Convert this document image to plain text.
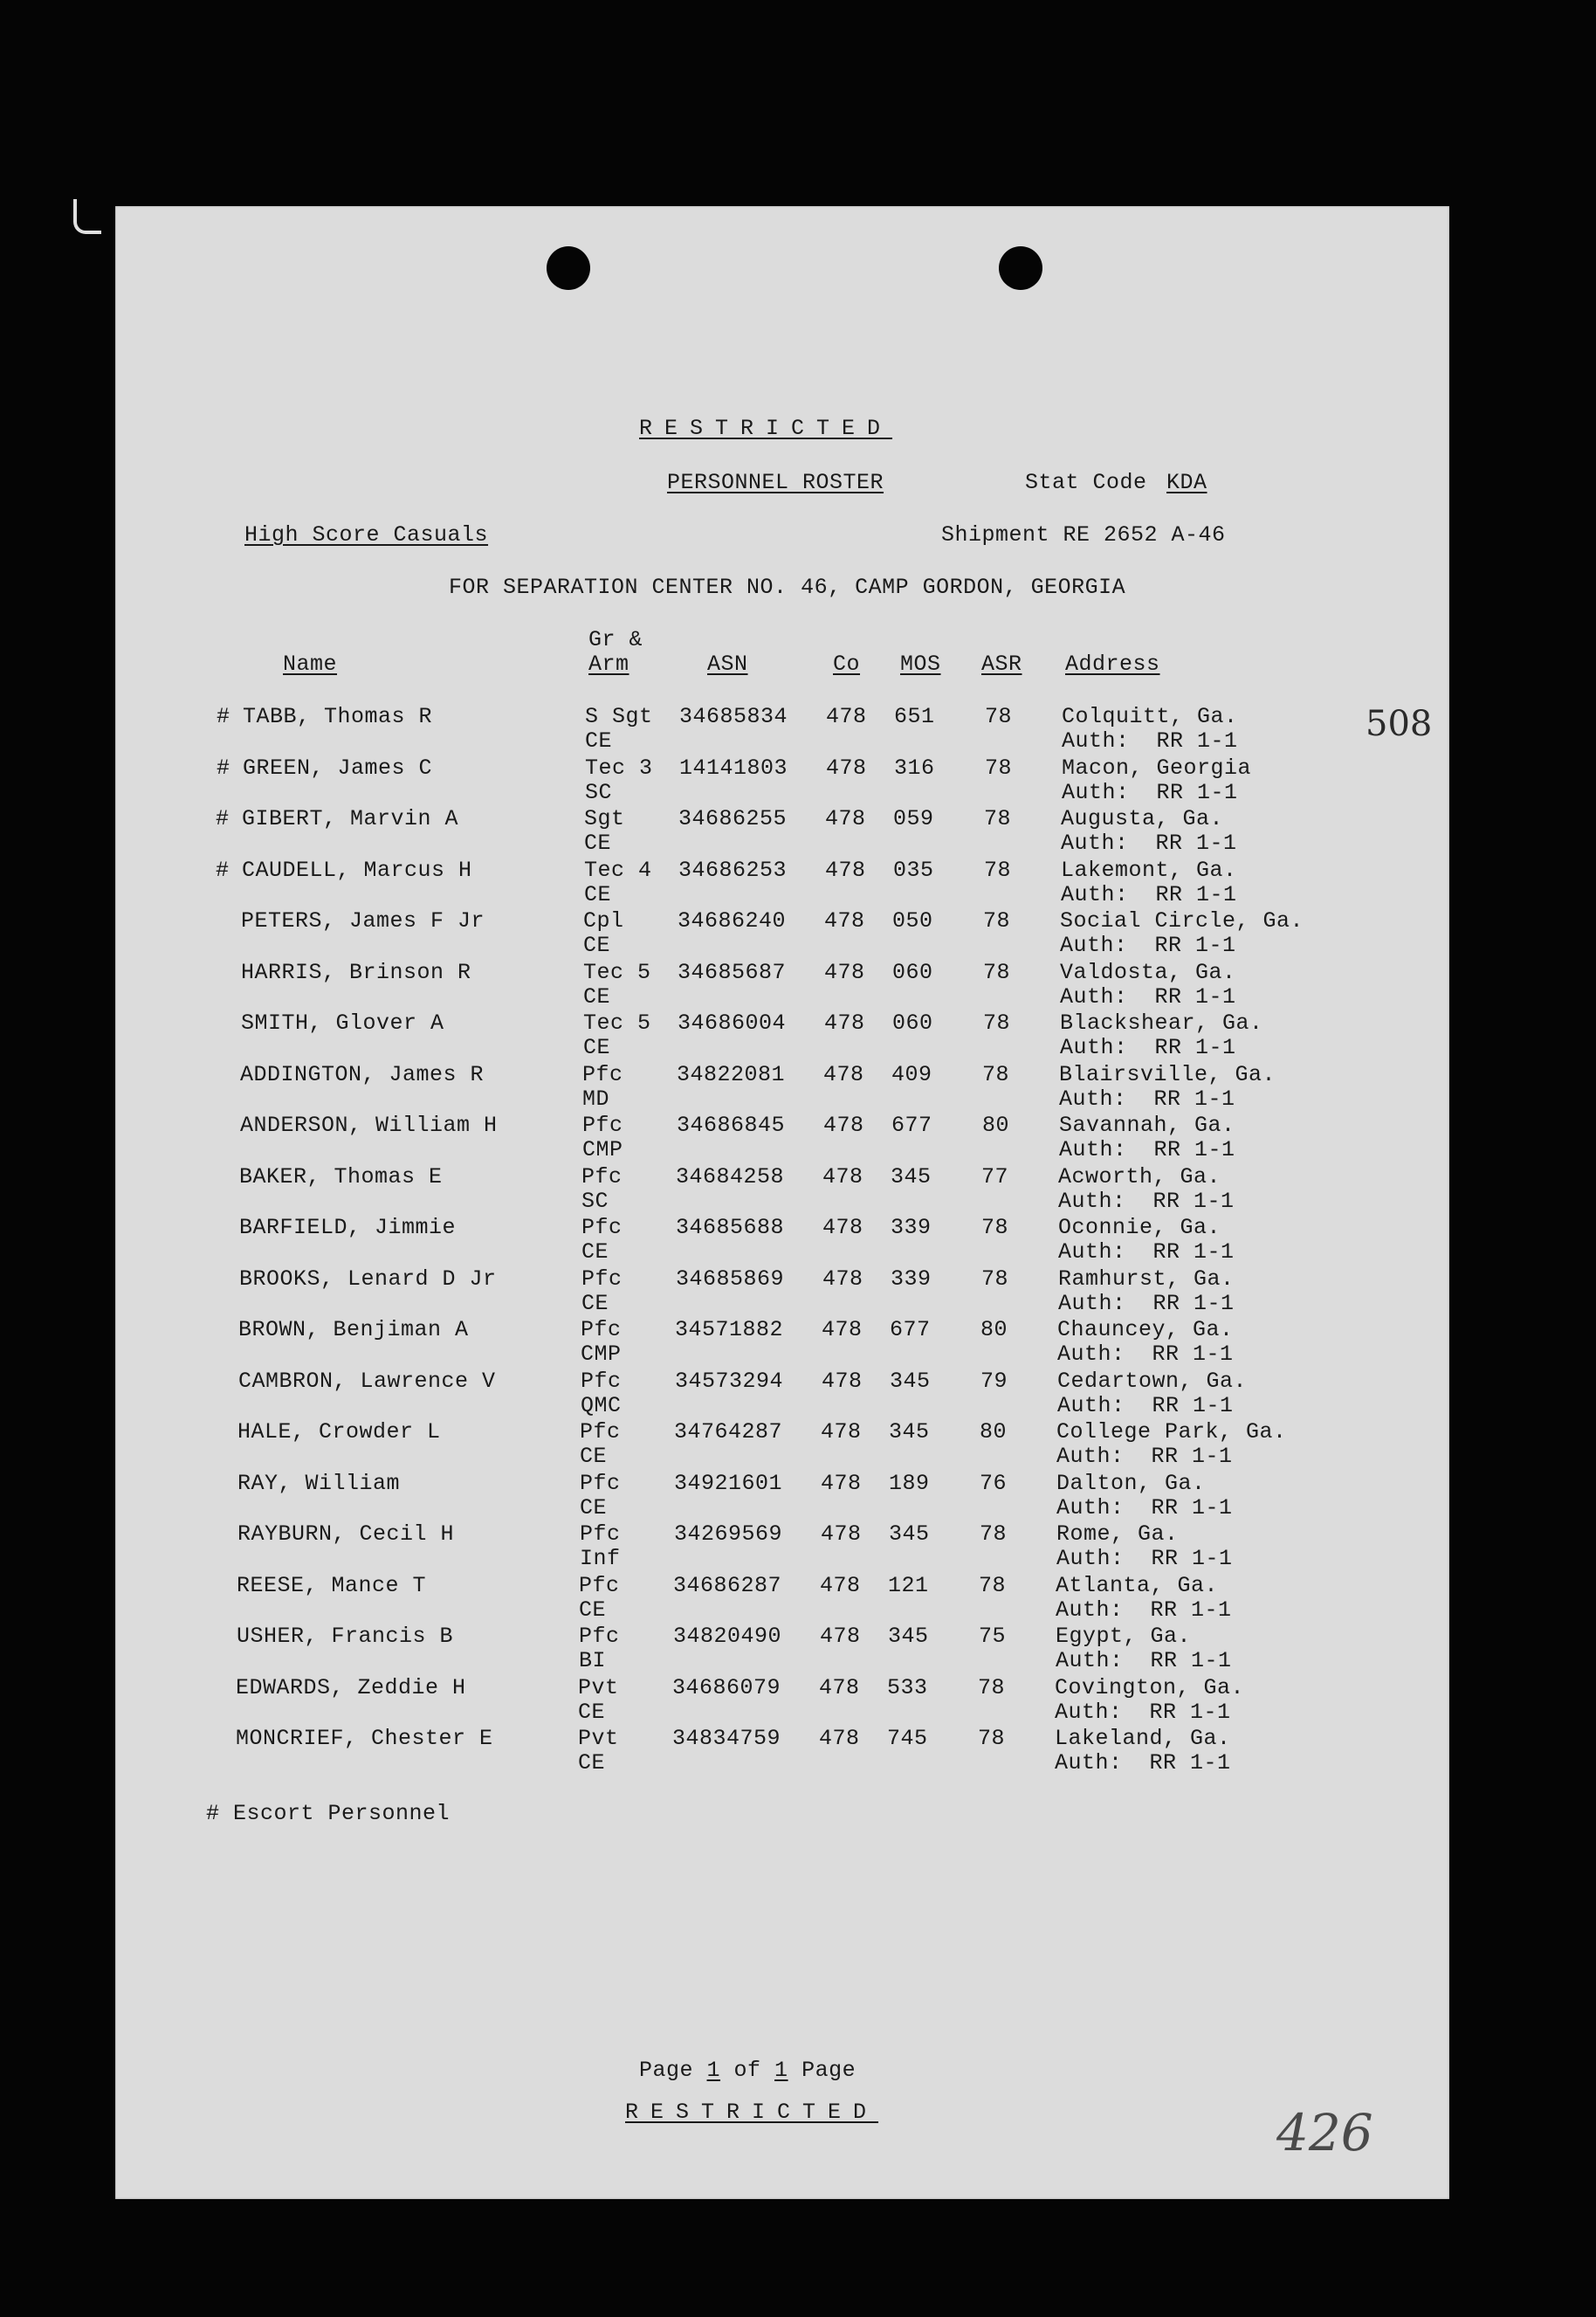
RESTRICTED
PERSONNEL ROSTER	Stat Code KDA
High Score Casuals	Shipment RE 2652 A-46
FOR SEPARATION CENTER NO. 46, CAMP GORDON, GEORGIA
Name
Gr &
Arm	ASN	Co MOS ASR Address
# TABB, Thomas R	S Sgt 34685834 478 651 78 Colquitt, Ga.
CE	Auth:  RR 1-1
# GREEN, James C	Tec 3 14141803 478 316 78 Macon, Georgia
SC	Auth:  RR 1-1
# GIBERT, Marvin A	Sgt 34686255 478 059 78 Augusta, Ga.
CE	Auth:  RR 1-1
# CAUDELL, Marcus H	Tec 4 34686253 478 035 78 Lakemont, Ga.
CE	Auth:  RR 1-1
PETERS, James F Jr	Cpl 34686240 478 050 78 Social Circle, Ga.
CE	Auth:  RR 1-1
HARRIS, Brinson R	Tec 5 34685687 478 060 78 Valdosta, Ga.
CE	Auth:  RR 1-1
SMITH, Glover A	Tec 5 34686004 478 060 78 Blackshear, Ga.
CE	Auth:  RR 1-1
ADDINGTON, James R	Pfc 34822081 478 409 78 Blairsville, Ga.
MD	Auth:  RR 1-1
ANDERSON, William H	Pfc 34686845 478 677 80 Savannah, Ga.
CMP	Auth:  RR 1-1
BAKER, Thomas E	Pfc 34684258 478 345 77 Acworth, Ga.
SC	Auth:  RR 1-1
BARFIELD, Jimmie	Pfc 34685688 478 339 78 Oconnie, Ga.
CE	Auth:  RR 1-1
BROOKS, Lenard D Jr	Pfc 34685869 478 339 78 Ramhurst, Ga.
CE	Auth:  RR 1-1
BROWN, Benjiman A	Pfc 34571882 478 677 80 Chauncey, Ga.
CMP	Auth:  RR 1-1
CAMBRON, Lawrence V	Pfc 34573294 478 345 79 Cedartown, Ga.
QMC	Auth:  RR 1-1
HALE, Crowder L	Pfc 34764287 478 345 80 College Park, Ga.
CE	Auth:  RR 1-1
RAY, William	Pfc 34921601 478 189 76 Dalton, Ga.
CE	Auth:  RR 1-1
RAYBURN, Cecil H	Pfc 34269569 478 345 78 Rome, Ga.
Inf	Auth:  RR 1-1
REESE, Mance T	Pfc 34686287 478 121 78 Atlanta, Ga.
CE	Auth:  RR 1-1
USHER, Francis B	Pfc 34820490 478 345 75 Egypt, Ga.
BI	Auth:  RR 1-1
EDWARDS, Zeddie H	Pvt 34686079 478 533 78 Covington, Ga.
CE	Auth:  RR 1-1
MONCRIEF, Chester E	Pvt 34834759 478 745 78 Lakeland, Ga.
CE	Auth:  RR 1-1
# Escort Personnel
Page 1 of 1 Page
RESTRICTED
508
426
